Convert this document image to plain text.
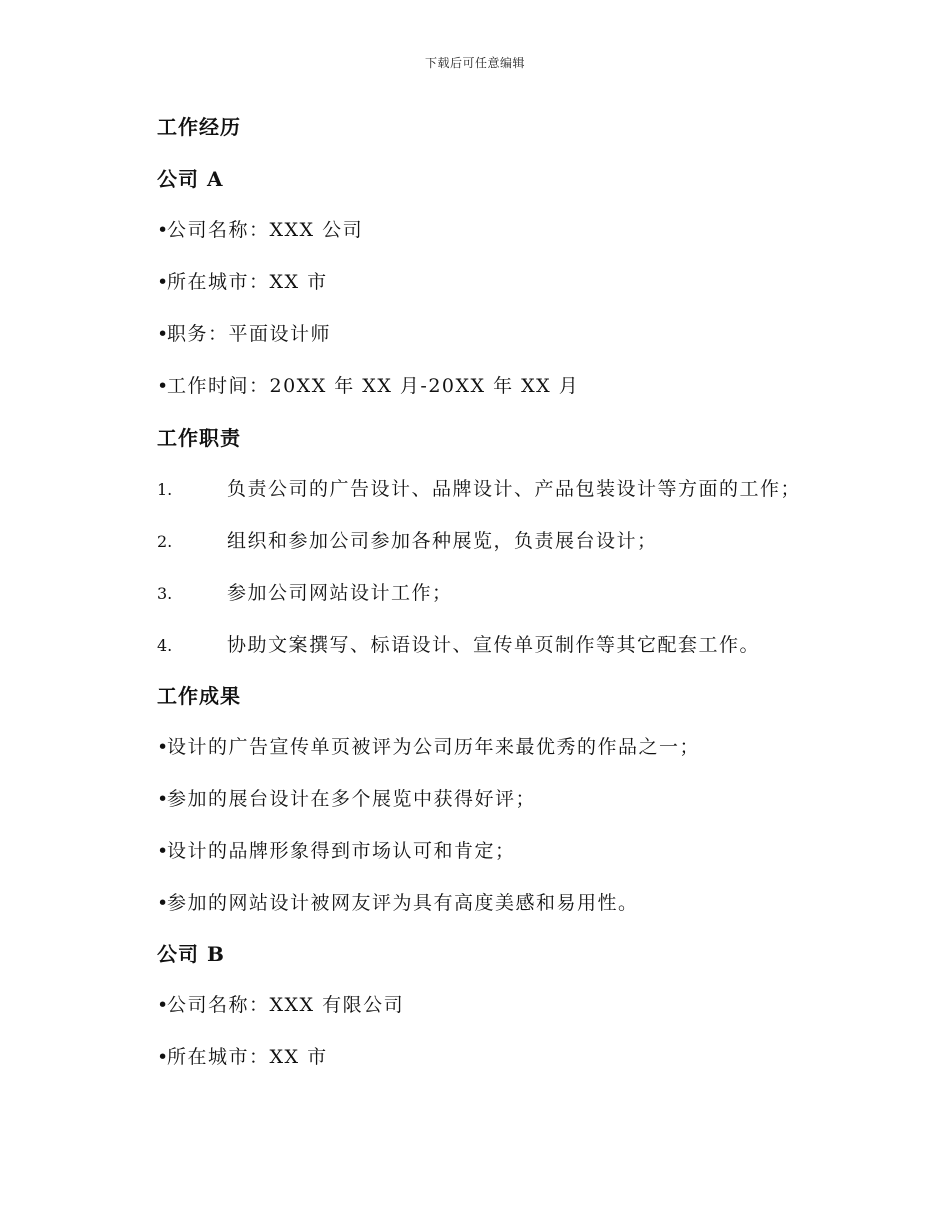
下载后可任意编辑
工作经历
公司 A
•公司名称：XXX 公司
•所在城市：XX 市
•职务：平面设计师
•工作时间：20XX 年 XX 月-20XX 年 XX 月
工作职责
1.	负责公司的广告设计、品牌设计、产品包装设计等方面的工作；
2.	组织和参加公司参加各种展览，负责展台设计；
3.	参加公司网站设计工作；
4.	协助文案撰写、标语设计、宣传单页制作等其它配套工作。
工作成果
•设计的广告宣传单页被评为公司历年来最优秀的作品之一；
•参加的展台设计在多个展览中获得好评；
•设计的品牌形象得到市场认可和肯定；
•参加的网站设计被网友评为具有高度美感和易用性。
公司 B
•公司名称：XXX 有限公司
•所在城市：XX 市
